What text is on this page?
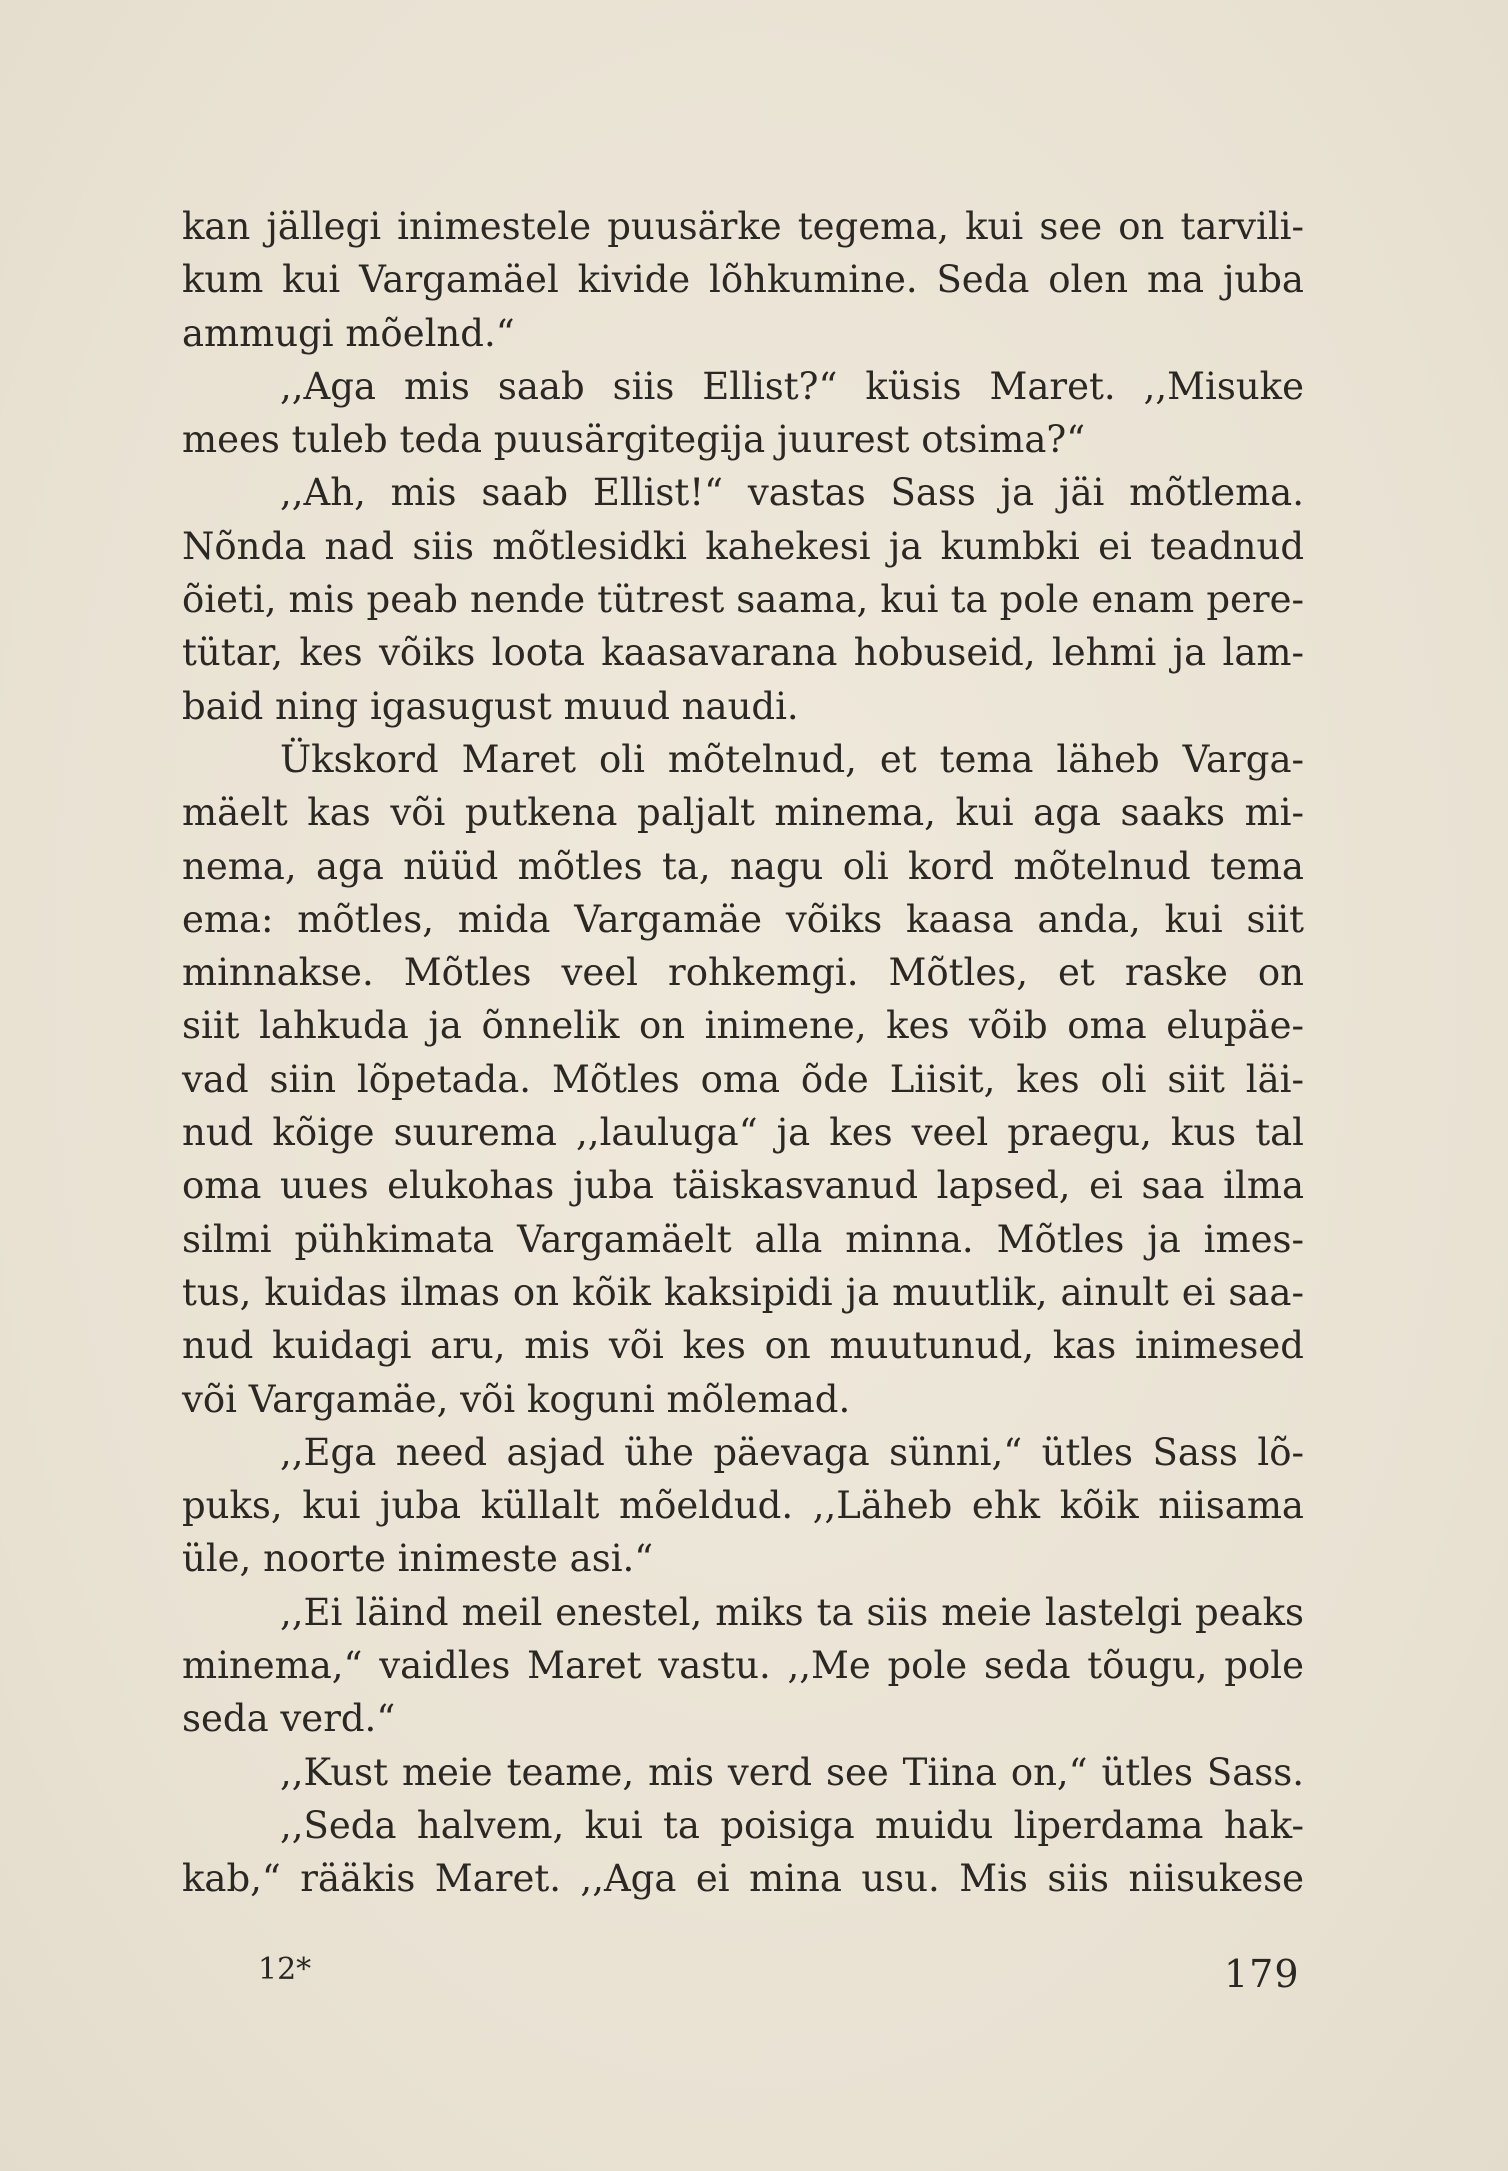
kan jällegi inimestele puusärke tegema, kui see on tarvili-
kum kui Vargamäel kivide lõhkumine. Seda olen ma juba
ammugi mõelnd.“
,,Aga mis saab siis Ellist?“ küsis Maret. ,,Misuke
mees tuleb teda puusärgitegija juurest otsima?“
,,Ah, mis saab Ellist!“ vastas Sass ja jäi mõtlema.
Nõnda nad siis mõtlesidki kahekesi ja kumbki ei teadnud
õieti, mis peab nende tütrest saama, kui ta pole enam pere-
tütar, kes võiks loota kaasavarana hobuseid, lehmi ja lam-
baid ning igasugust muud naudi.
Ükskord Maret oli mõtelnud, et tema läheb Varga-
mäelt kas või putkena paljalt minema, kui aga saaks mi-
nema, aga nüüd mõtles ta, nagu oli kord mõtelnud tema
ema: mõtles, mida Vargamäe võiks kaasa anda, kui siit
minnakse. Mõtles veel rohkemgi. Mõtles, et raske on
siit lahkuda ja õnnelik on inimene, kes võib oma elupäe-
vad siin lõpetada. Mõtles oma õde Liisit, kes oli siit läi-
nud kõige suurema ,,lauluga“ ja kes veel praegu, kus tal
oma uues elukohas juba täiskasvanud lapsed, ei saa ilma
silmi pühkimata Vargamäelt alla minna. Mõtles ja imes-
tus, kuidas ilmas on kõik kaksipidi ja muutlik, ainult ei saa-
nud kuidagi aru, mis või kes on muutunud, kas inimesed
või Vargamäe, või koguni mõlemad.
,,Ega need asjad ühe päevaga sünni,“ ütles Sass lõ-
puks, kui juba küllalt mõeldud. ,,Läheb ehk kõik niisama
üle, noorte inimeste asi.“
,,Ei läind meil enestel, miks ta siis meie lastelgi peaks
minema,“ vaidles Maret vastu. ,,Me pole seda tõugu, pole
seda verd.“
,,Kust meie teame, mis verd see Tiina on,“ ütles Sass.
,,Seda halvem, kui ta poisiga muidu liperdama hak-
kab,“ rääkis Maret. ,,Aga ei mina usu. Mis siis niisukese
12*	179
